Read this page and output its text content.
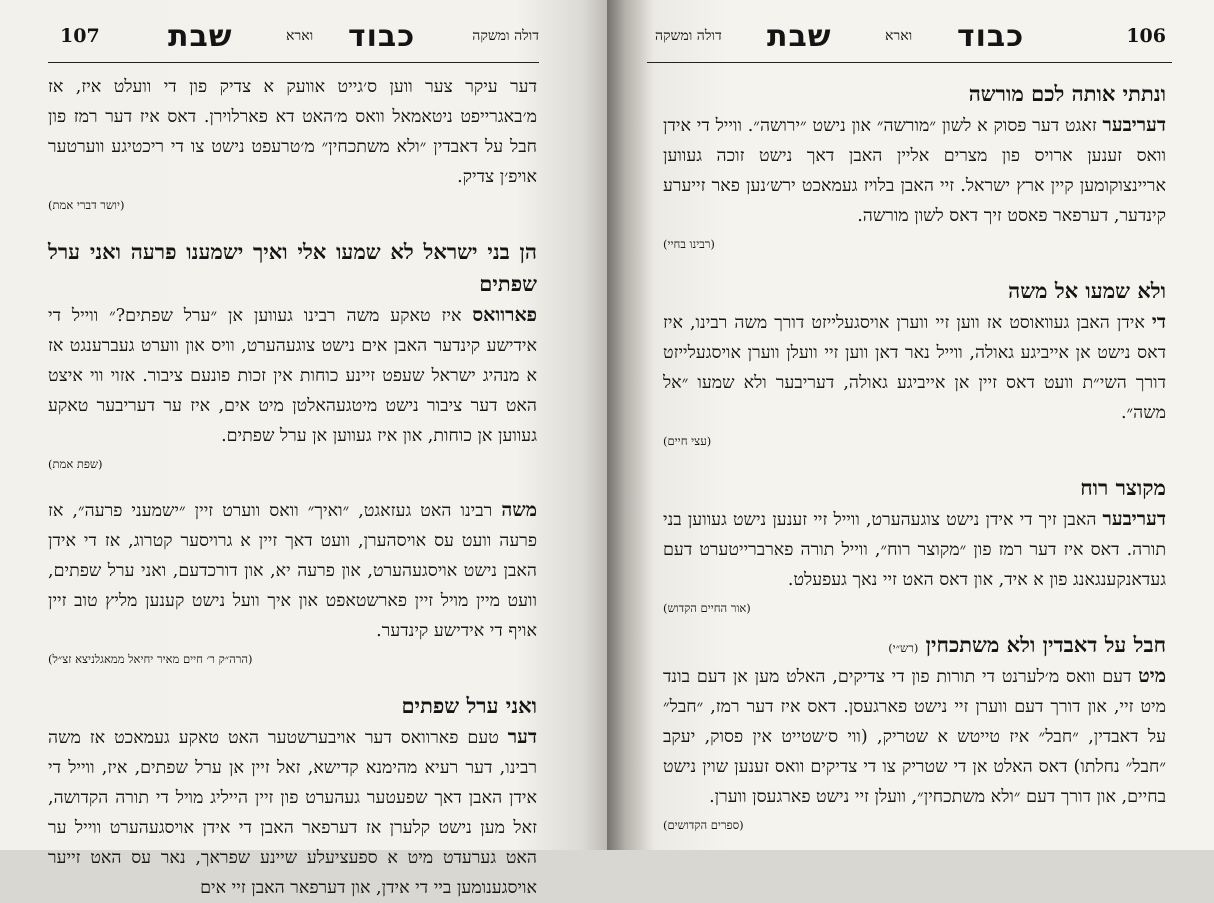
107 שבת	כבוד
וארא	דולה ומשקה

דער עיקר צער ווען ס׳גייט אוועק א צדיק פון די וועלט איז, אז מ׳באגרייפט ניטאמאל וואס מ׳האט דא פארלוירן. דאס איז דער רמז פון חבל על דאבדין ״ולא משתכחין״ מ׳טרעפט נישט צו די ריכטיגע ווערטער אויפ׳ן צדיק.

(יושר דברי אמת)

הן בני ישראל לא שמעו אלי ואיך ישמענו פרעה ואני ערל שפתים

פארוואס איז טאקע משה רבינו געווען אן ״ערל שפתים?״ ווייל די אידישע קינדער האבן אים נישט צוגעהערט, וויס און ווערט געברענגט אז א מנהיג ישראל שעפט זיינע כוחות אין זכות פונעם ציבור. אזוי ווי איצט האט דער ציבור נישט מיטגעהאלטן מיט אים, איז ער דעריבער טאקע געווען אן כוחות, און איז געווען אן ערל שפתים.

(שפת אמת)

משה רבינו האט געזאגט, ״ואיך״ וואס ווערט זיין ״ישמעני פרעה״, אז פרעה וועט עס אויסהערן, וועט דאך זיין א גרויסער קטרוג, אז די אידן האבן נישט אויסגעהערט, און פרעה יא, און דורכדעם, ואני ערל שפתים, וועט מיין מויל זיין פארשטאפט און איך וועל נישט קענען מליץ טוב זיין אויף די אידישע קינדער.

(הרה״ק ר׳ חיים מאיר יחיאל ממאגלניצא זצ״ל)

ואני ערל שפתים

דער טעם פארוואס דער אויבערשטער האט טאקע געמאכט אז משה רבינו, דער רעיא מהימנא קדישא, זאל זיין אן ערל שפתים, איז, ווייל די אידן האבן דאך שפעטער געהערט פון זיין הייליג מויל די תורה הקדושה, זאל מען נישט קלערן אז דערפאר האבן די אידן אויסגעהערט ווייל ער האט גערעדט מיט א ספעציעלע שיינע שפראך, נאר עס האט זייער אויסגענומען ביי די אידן, און דערפאר האבן זיי אים

דולה ומשקה שבת	וארא כבוד	106

ונתתי אותה לכם מורשה

דעריבער זאגט דער פסוק א לשון ״מורשה״ און נישט ״ירושה״. ווייל די אידן וואס זענען ארויס פון מצרים אליין האבן דאך נישט זוכה געווען אריינצוקומען קיין ארץ ישראל. זיי האבן בלויז געמאכט ירש׳נען פאר זייערע קינדער, דערפאר פאסט זיך דאס לשון מורשה.

(רבינו בחיי)

ולא שמעו אל משה

די אידן האבן געוואוסט אז ווען זיי ווערן אויסגעלייזט דורך משה רבינו, איז דאס נישט אן אייביגע גאולה, ווייל נאר דאן ווען זיי וועלן ווערן אויסגעלייזט דורך השי״ת וועט דאס זיין אן אייביגע גאולה, דעריבער ולא שמעו ״אל משה״.

(עצי חיים)

מקוצר רוח

דעריבער האבן זיך די אידן נישט צוגעהערט, ווייל זיי זענען נישט געווען בני תורה. דאס איז דער רמז פון ״מקוצר רוח״, ווייל תורה פארברייטערט דעם געדאנקענגאנג פון א איד, און דאס האט זיי נאך געפעלט.

(אור החיים הקדוש)

חבל על דאבדין ולא משתכחין (רש״י)

מיט דעם וואס מ׳לערנט די תורות פון די צדיקים, האלט מען אן דעם בונד מיט זיי, און דורך דעם ווערן זיי נישט פארגעסן. דאס איז דער רמז, ״חבל״ על דאבדין, ״חבל״ איז טייטש א שטריק, (ווי ס׳שטייט אין פסוק, יעקב ״חבל״ נחלתו) דאס האלט אן די שטריק צו די צדיקים וואס זענען שוין נישט בחיים, און דורך דעם ״ולא משתכחין״, וועלן זיי נישט פארגעסן ווערן.

(ספרים הקדושים)
